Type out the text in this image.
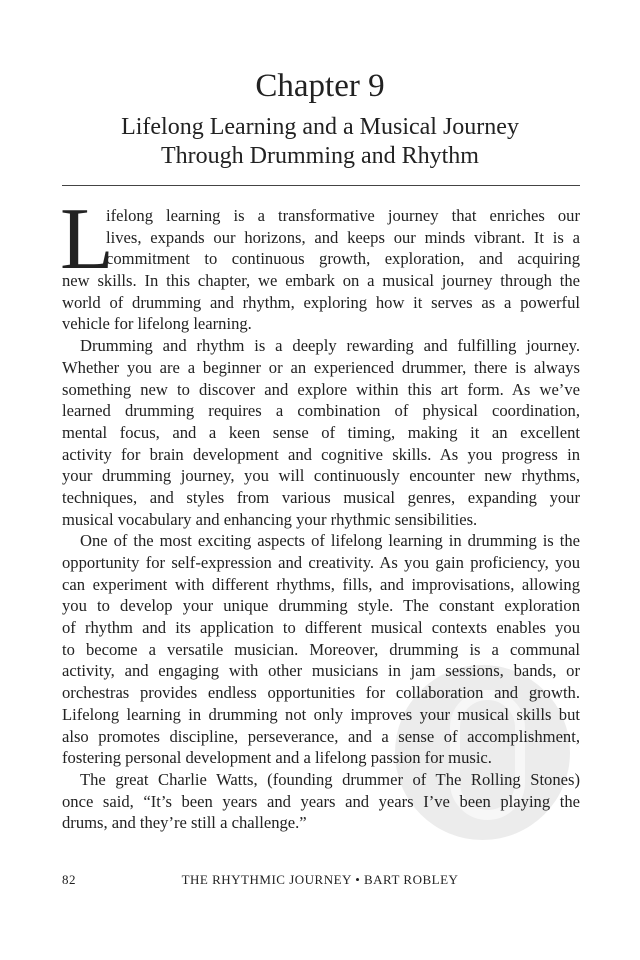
Chapter 9
Lifelong Learning and a Musical Journey
Through Drumming and Rhythm
L
ifelong learning is a transformative journey that enriches our
lives, expands our horizons, and keeps our minds vibrant. It is a
commitment to continuous growth, exploration, and acquiring
new skills. In this chapter, we embark on a musical journey through the
world of drumming and rhythm, exploring how it serves as a powerful
vehicle for lifelong learning.
Drumming and rhythm is a deeply rewarding and fulfilling journey.
Whether you are a beginner or an experienced drummer, there is always
something new to discover and explore within this art form. As we’ve
learned drumming requires a combination of physical coordination,
mental focus, and a keen sense of timing, making it an excellent
activity for brain development and cognitive skills. As you progress in
your drumming journey, you will continuously encounter new rhythms,
techniques, and styles from various musical genres, expanding your
musical vocabulary and enhancing your rhythmic sensibilities.
One of the most exciting aspects of lifelong learning in drumming is the
opportunity for self-expression and creativity. As you gain proficiency, you
can experiment with different rhythms, fills, and improvisations, allowing
you to develop your unique drumming style. The constant exploration
of rhythm and its application to different musical contexts enables you
to become a versatile musician. Moreover, drumming is a communal
activity, and engaging with other musicians in jam sessions, bands, or
orchestras provides endless opportunities for collaboration and growth.
Lifelong learning in drumming not only improves your musical skills but
also promotes discipline, perseverance, and a sense of accomplishment,
fostering personal development and a lifelong passion for music.
The great Charlie Watts, (founding drummer of The Rolling Stones)
once said, “It’s been years and years and years I’ve been playing the
drums, and they’re still a challenge.”
82	THE RHYTHMIC JOURNEY • BART ROBLEY
